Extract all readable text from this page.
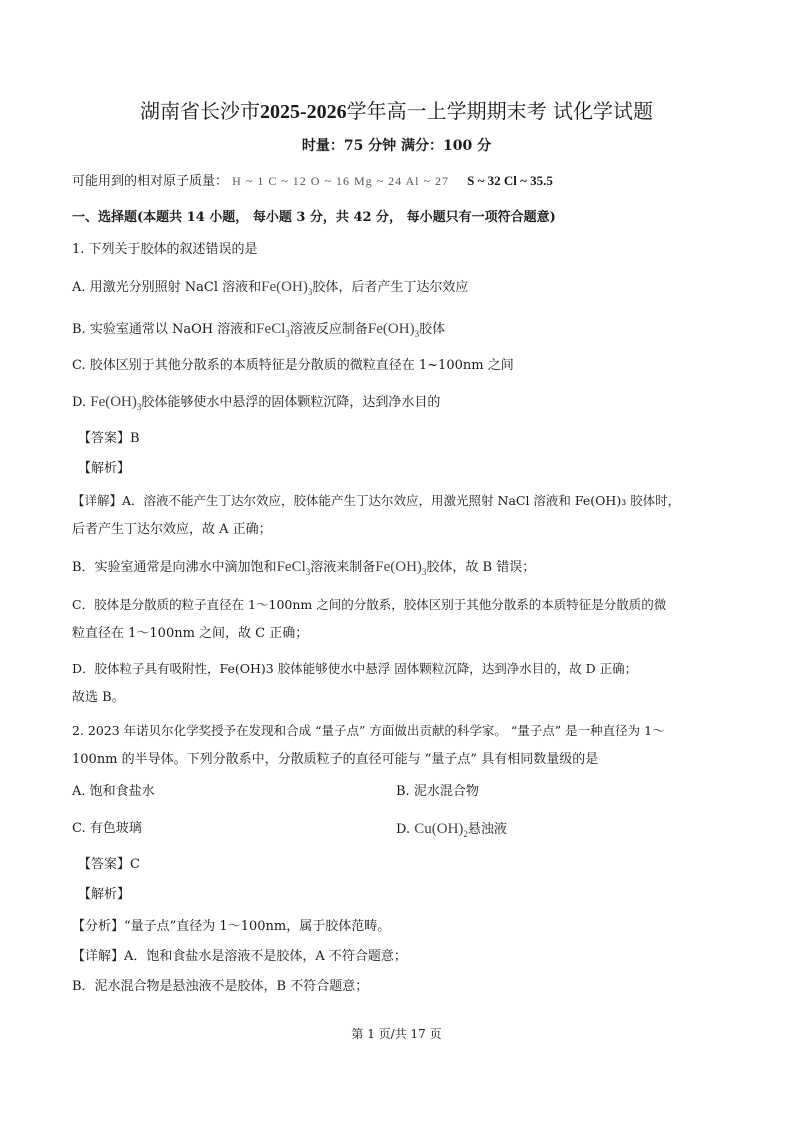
湖南省长沙市2025-2026学年高一上学期期末考 试化学试题
时量：75 分钟 满分：100 分
可能用到的相对原子质量： H ~ 1 C ~ 12 O ~ 16 Mg ~ 24 Al ~ 27 S ~ 32 Cl ~ 35.5
一、选择题(本题共 14 小题， 每小题 3 分，共 42 分， 每小题只有一项符合题意)
1. 下列关于胶体的叙述错误的是
A. 用激光分别照射 NaCl 溶液和$Fe(OH)_3$胶体，后者产生丁达尔效应
B. 实验室通常以 NaOH 溶液和FeCl$_3$溶液反应制备$Fe(OH)_3$胶体
C. 胶体区别于其他分散系的本质特征是分散质的微粒直径在 1~100nm 之间
D. $Fe(OH)_3$胶体能够使水中悬浮的固体颗粒沉降，达到净水目的
【答案】B
【解析】
【详解】A．溶液不能产生丁达尔效应，胶体能产生丁达尔效应，用激光照射 NaCl 溶液和 Fe(OH)₃ 胶体时，
后者产生丁达尔效应，故 A 正确；
B．实验室通常是向沸水中滴加饱和FeCl$_3$溶液来制备$Fe(OH)_3$胶体，故 B 错误；
C．胶体是分散质的粒子直径在 1～100nm 之间的分散系，胶体区别于其他分散系的本质特征是分散质的微
粒直径在 1～100nm 之间，故 C 正确；
D．胶体粒子具有吸附性，Fe(OH)3 胶体能够使水中悬浮 固体颗粒沉降，达到净水目的，故 D 正确；
故选 B。
2. 2023 年诺贝尔化学奖授予在发现和合成 “量子点” 方面做出贡献的科学家。 “量子点” 是一种直径为 1～
100nm 的半导体。下列分散系中，分散质粒子的直径可能与 “量子点” 具有相同数量级的是
A. 饱和食盐水	B. 泥水混合物
C. 有色玻璃	D. $Cu(OH)_2$悬浊液
【答案】C
【解析】
【分析】“量子点”直径为 1～100nm，属于胶体范畴。
【详解】A．饱和食盐水是溶液不是胶体，A 不符合题意；
B．泥水混合物是悬浊液不是胶体，B 不符合题意；
第 1 页/共 17 页
